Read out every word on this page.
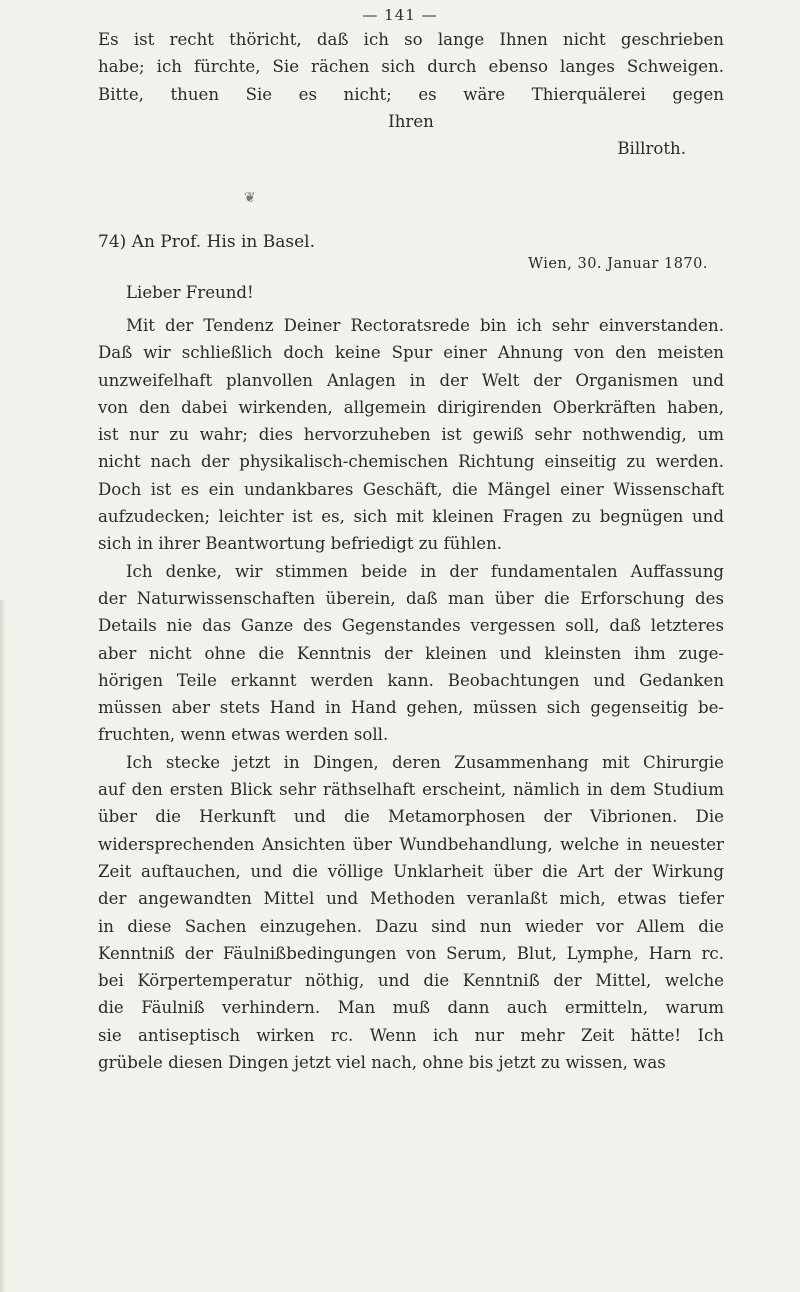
— 141 —
Es ist recht thöricht, daß ich so lange Ihnen nicht geschrieben
habe; ich fürchte, Sie rächen sich durch ebenso langes Schweigen.
Bitte, thuen Sie es nicht; es wäre Thierquälerei gegen
Ihren
Billroth.
❦
74) An Prof. His in Basel.
Wien, 30. Januar 1870.
Lieber Freund!
Mit der Tendenz Deiner Rectoratsrede bin ich sehr einverstanden.
Daß wir schließlich doch keine Spur einer Ahnung von den meisten
unzweifelhaft planvollen Anlagen in der Welt der Organismen und
von den dabei wirkenden, allgemein dirigirenden Oberkräften haben,
ist nur zu wahr; dies hervorzuheben ist gewiß sehr nothwendig, um
nicht nach der physikalisch-chemischen Richtung einseitig zu werden.
Doch ist es ein undankbares Geschäft, die Mängel einer Wissenschaft
aufzudecken; leichter ist es, sich mit kleinen Fragen zu begnügen und
sich in ihrer Beantwortung befriedigt zu fühlen.
Ich denke, wir stimmen beide in der fundamentalen Auffassung
der Naturwissenschaften überein, daß man über die Erforschung des
Details nie das Ganze des Gegenstandes vergessen soll, daß letzteres
aber nicht ohne die Kenntnis der kleinen und kleinsten ihm zuge-
hörigen Teile erkannt werden kann. Beobachtungen und Gedanken
müssen aber stets Hand in Hand gehen, müssen sich gegenseitig be-
fruchten, wenn etwas werden soll.
Ich stecke jetzt in Dingen, deren Zusammenhang mit Chirurgie
auf den ersten Blick sehr räthselhaft erscheint, nämlich in dem Studium
über die Herkunft und die Metamorphosen der Vibrionen. Die
widersprechenden Ansichten über Wundbehandlung, welche in neuester
Zeit auftauchen, und die völlige Unklarheit über die Art der Wirkung
der angewandten Mittel und Methoden veranlaßt mich, etwas tiefer
in diese Sachen einzugehen. Dazu sind nun wieder vor Allem die
Kenntniß der Fäulnißbedingungen von Serum, Blut, Lymphe, Harn rc.
bei Körpertemperatur nöthig, und die Kenntniß der Mittel, welche
die Fäulniß verhindern. Man muß dann auch ermitteln, warum
sie antiseptisch wirken rc. Wenn ich nur mehr Zeit hätte! Ich
grübele diesen Dingen jetzt viel nach, ohne bis jetzt zu wissen, was
